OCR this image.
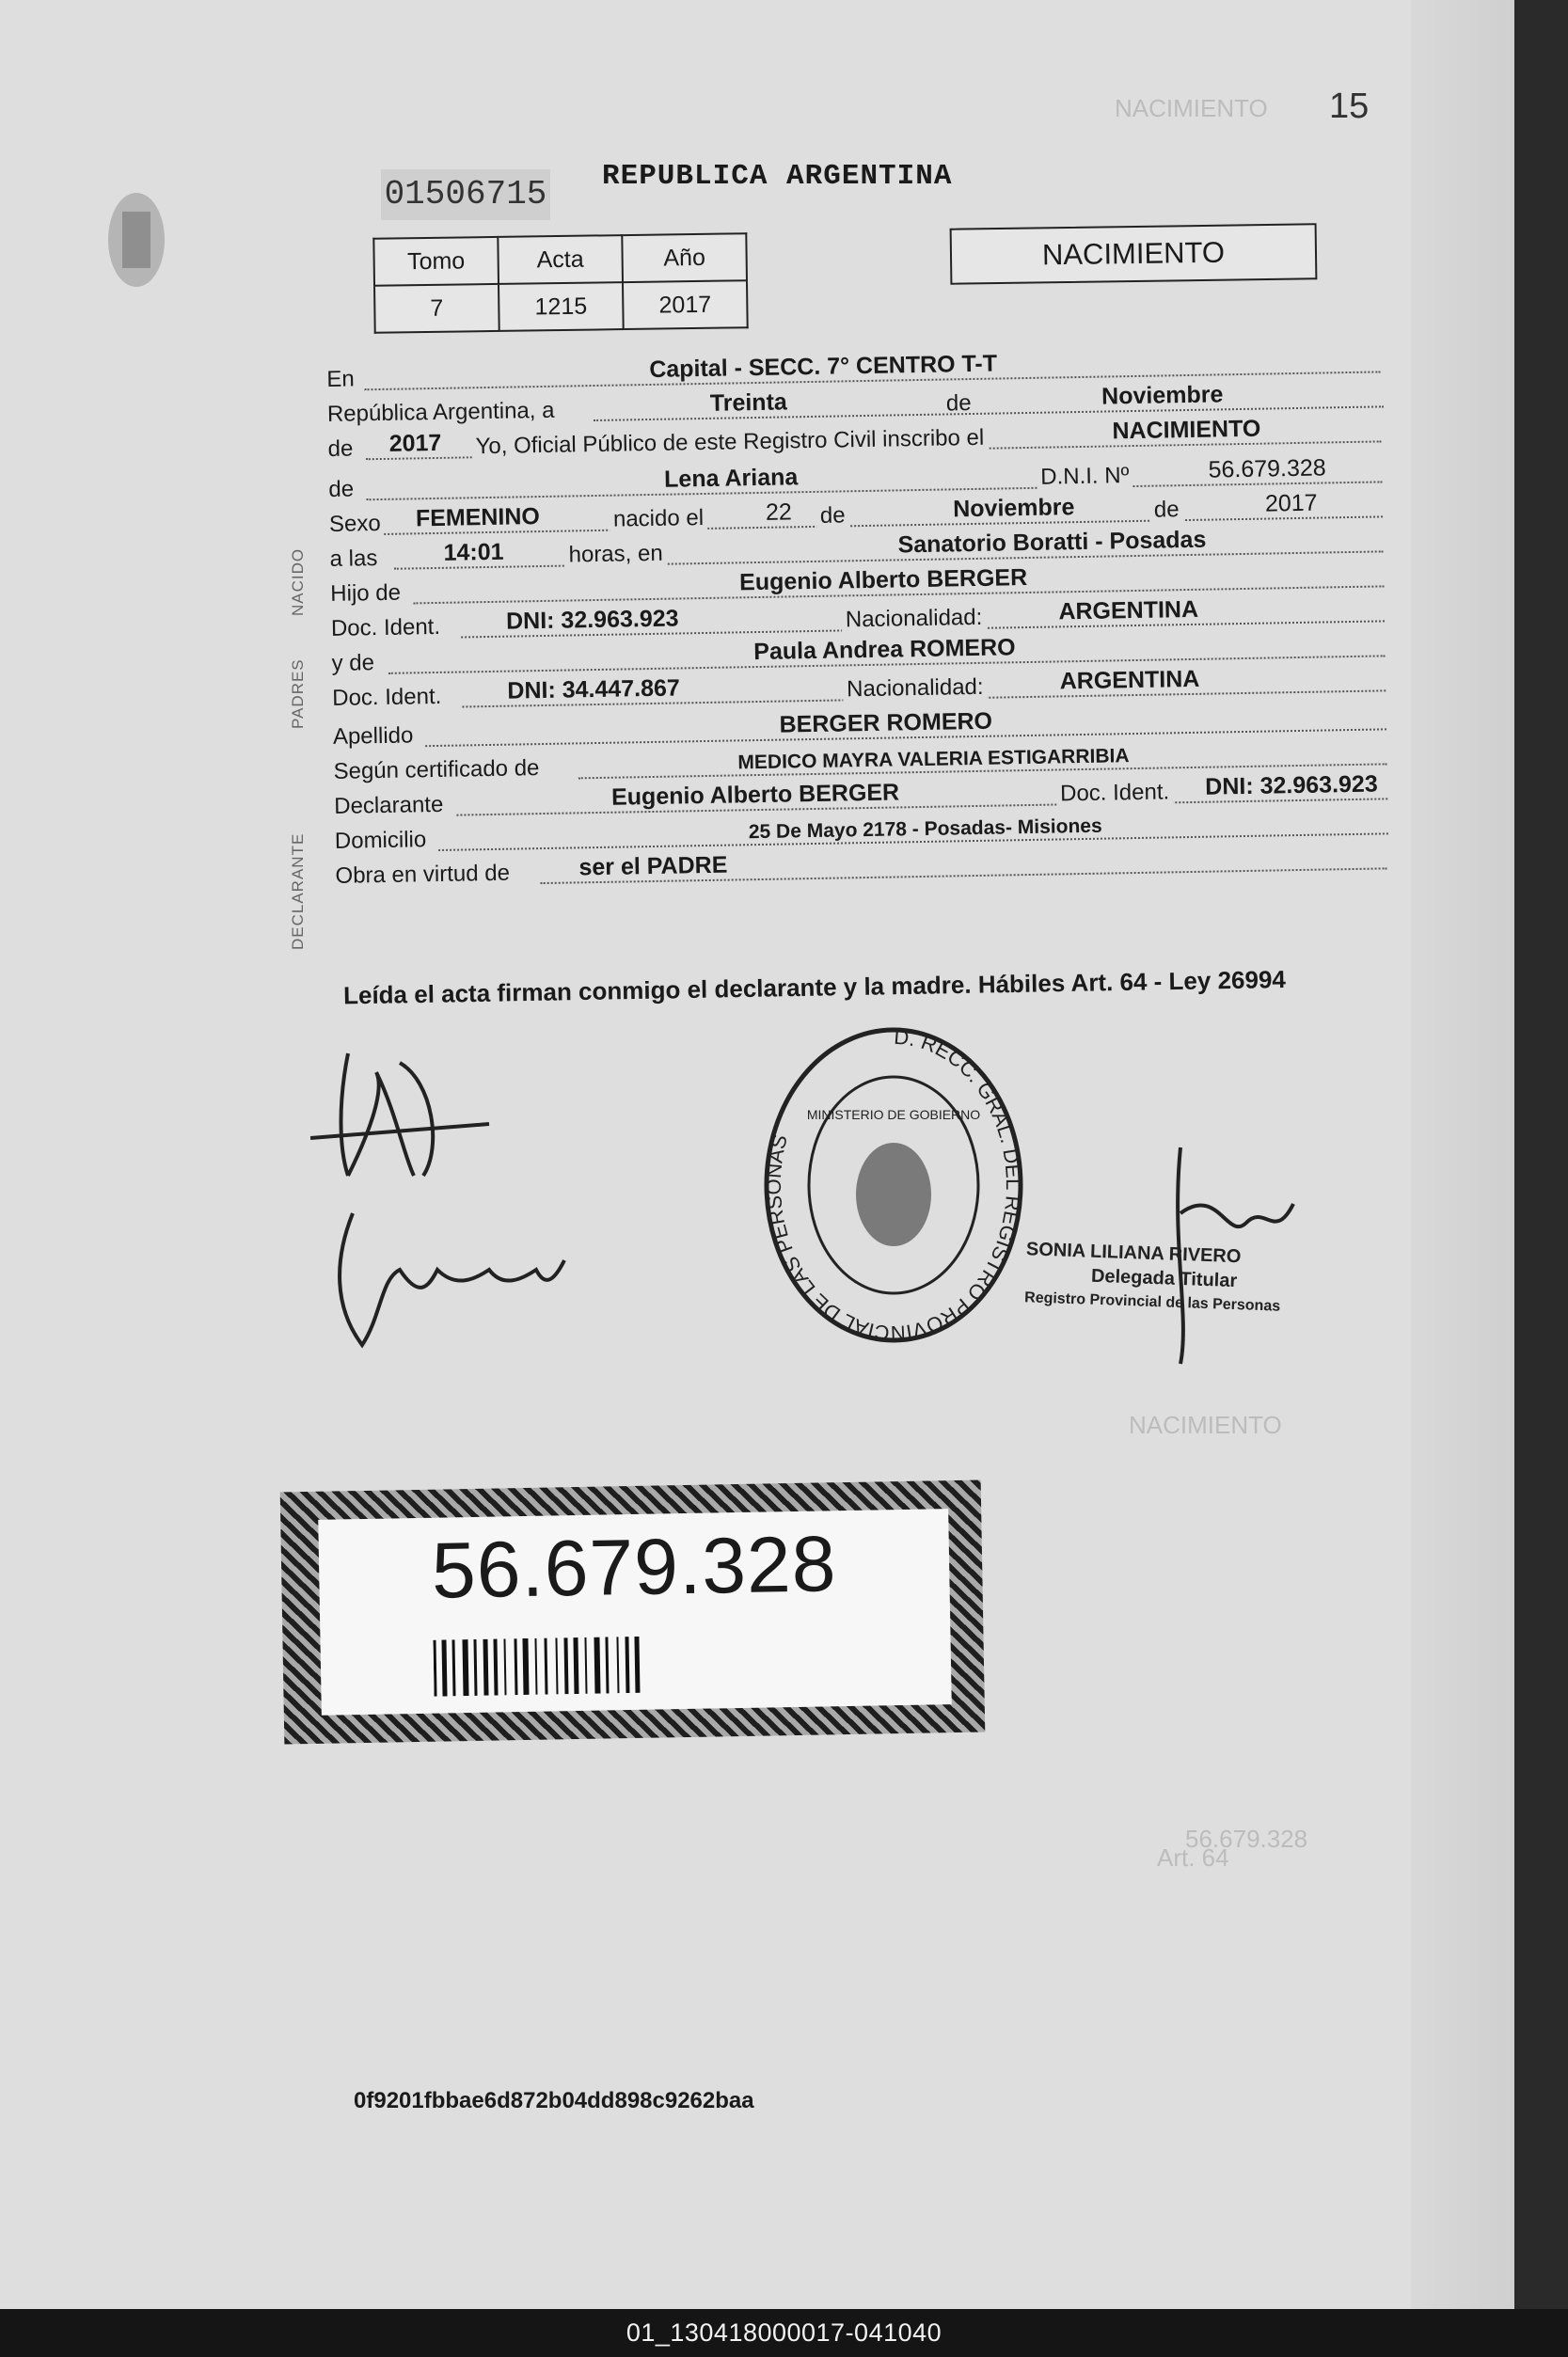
NACIMIENTO
NACIMIENTO
56.679.328
Art. 64
15
01506715 REPUBLICA ARGENTINA
Tomo	Acta	Año
7	1215	2017
NACIMIENTO
NACIDO
PADRES
DECLARANTE
En	Capital - SECC. 7° CENTRO T-T
República Argentina, a	Treinta	de	Noviembre
de	2017	Yo, Oficial Público de este Registro Civil inscribo el	NACIMIENTO
de	Lena Ariana	D.N.I. Nº	56.679.328
Sexo	FEMENINO	nacido el	22 de	Noviembre	de	2017
a las	14:01	horas, en	Sanatorio Boratti - Posadas
Hijo de	Eugenio Alberto BERGER
Doc. Ident.	DNI: 32.963.923	Nacionalidad:	ARGENTINA
y de	Paula Andrea ROMERO
Doc. Ident.	DNI: 34.447.867	Nacionalidad:	ARGENTINA
Apellido	BERGER ROMERO
Según certificado de	MEDICO MAYRA VALERIA ESTIGARRIBIA
Declarante	Eugenio Alberto BERGER	Doc. Ident.	DNI: 32.963.923
Domicilio	25 De Mayo 2178 - Posadas- Misiones
Obra en virtud de	ser el PADRE
Leída el acta firman conmigo el declarante y la madre. Hábiles Art. 64 - Ley 26994
D. RECC. GRAL. DEL REGISTRO PROVINCIAL DE LAS PERSONAS
MINISTERIO DE GOBIERNO
SONIA LILIANA RIVERO
Delegada Titular
Registro Provincial de las Personas
56.679.328
0f9201fbbae6d872b04dd898c9262baa
01_130418000017-041040
